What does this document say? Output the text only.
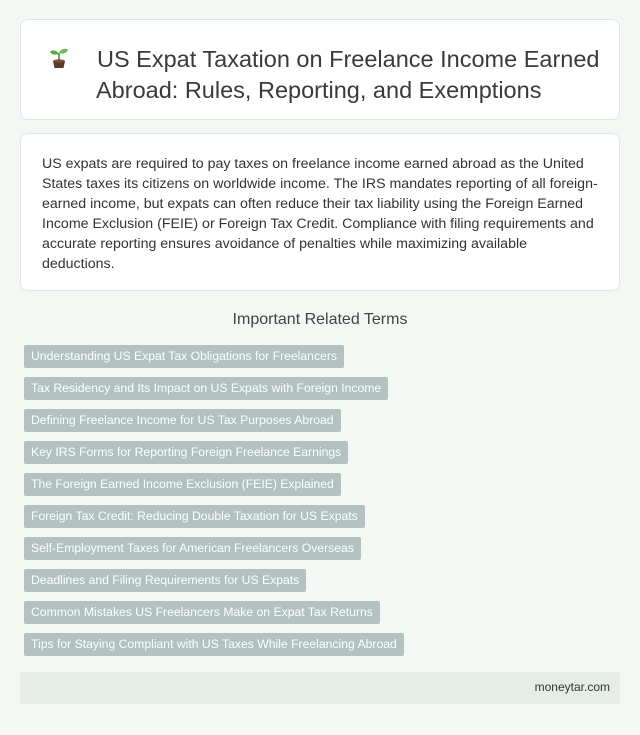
US Expat Taxation on Freelance Income Earned Abroad: Rules, Reporting, and Exemptions

US expats are required to pay taxes on freelance income earned abroad as the United States taxes its citizens on worldwide income. The IRS mandates reporting of all foreign-earned income, but expats can often reduce their tax liability using the Foreign Earned Income Exclusion (FEIE) or Foreign Tax Credit. Compliance with filing requirements and accurate reporting ensures avoidance of penalties while maximizing available deductions.

Important Related Terms
Understanding US Expat Tax Obligations for Freelancers
Tax Residency and Its Impact on US Expats with Foreign Income
Defining Freelance Income for US Tax Purposes Abroad
Key IRS Forms for Reporting Foreign Freelance Earnings
The Foreign Earned Income Exclusion (FEIE) Explained
Foreign Tax Credit: Reducing Double Taxation for US Expats
Self-Employment Taxes for American Freelancers Overseas
Deadlines and Filing Requirements for US Expats
Common Mistakes US Freelancers Make on Expat Tax Returns
Tips for Staying Compliant with US Taxes While Freelancing Abroad
moneytar.com
